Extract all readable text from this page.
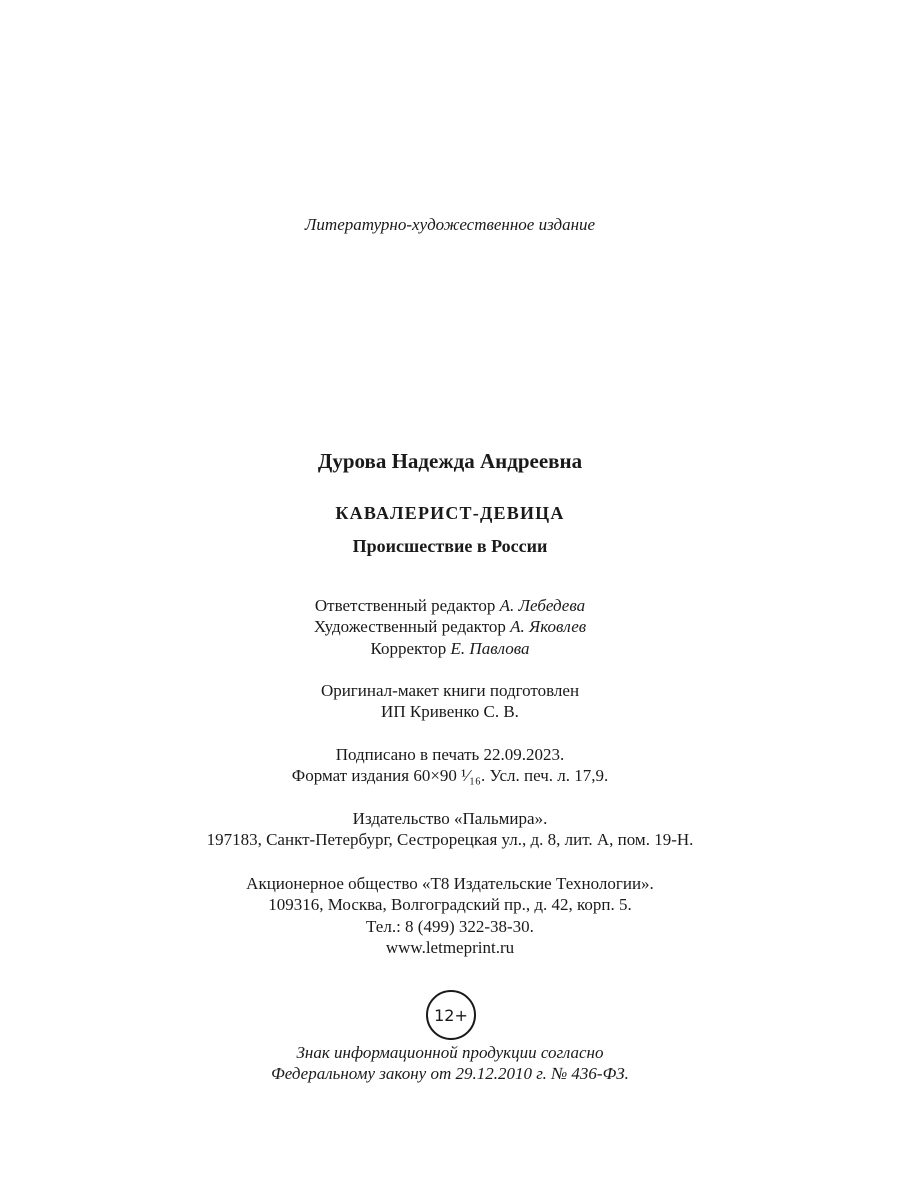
Литературно-художественное издание
Дурова Надежда Андреевна
КАВАЛЕРИСТ-ДЕВИЦА
Происшествие в России
Ответственный редактор А. Лебедева
Художественный редактор А. Яковлев
Корректор Е. Павлова
Оригинал-макет книги подготовлен
ИП Кривенко С. В.
Подписано в печать 22.09.2023.
Формат издания 60×90 ¹⁄₁₆. Усл. печ. л. 17,9.
Издательство «Пальмира».
197183, Санкт-Петербург, Сестрорецкая ул., д. 8, лит. А, пом. 19-Н.
Акционерное общество «Т8 Издательские Технологии».
109316, Москва, Волгоградский пр., д. 42, корп. 5.
Тел.: 8 (499) 322-38-30.
www.letmeprint.ru
12+
Знак информационной продукции согласно
Федеральному закону от 29.12.2010 г. № 436-ФЗ.
